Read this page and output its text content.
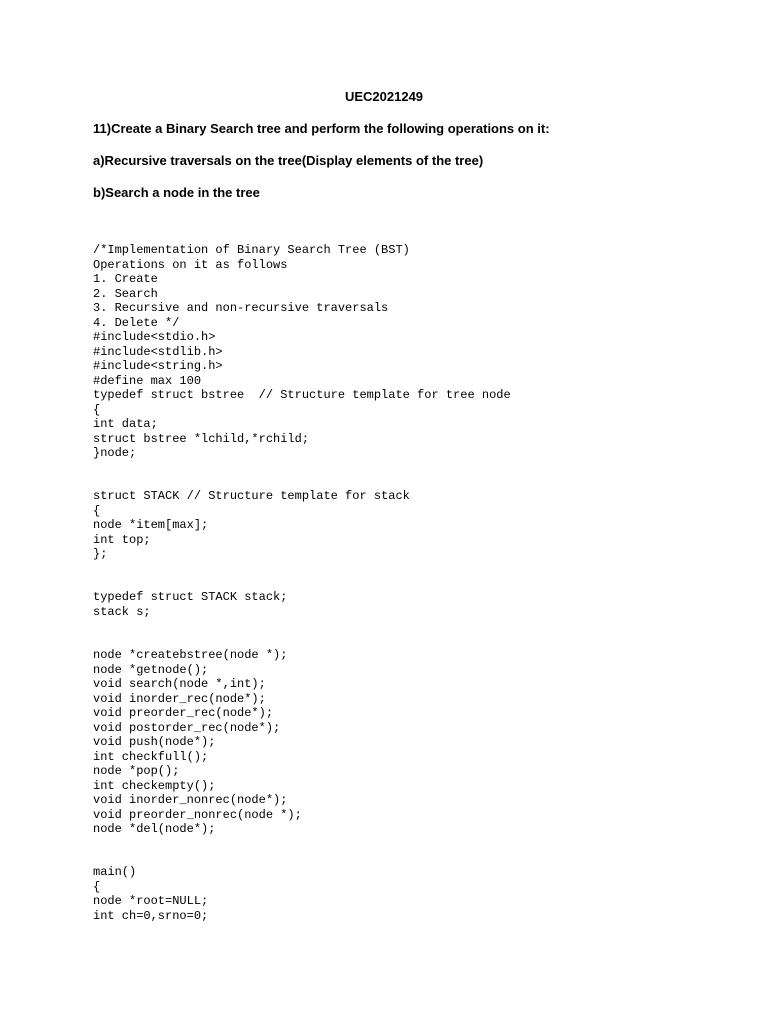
UEC2021249
11)Create a Binary Search tree and perform the following operations on it:
a)Recursive traversals on the tree(Display elements of the tree)
b)Search a node in the tree
/*Implementation of Binary Search Tree (BST)
Operations on it as follows
1. Create
2. Search
3. Recursive and non-recursive traversals
4. Delete */
#include<stdio.h>
#include<stdlib.h>
#include<string.h>
#define max 100
typedef struct bstree  // Structure template for tree node
{
int data;
struct bstree *lchild,*rchild;
}node;
struct STACK // Structure template for stack
{
node *item[max];
int top;
};
typedef struct STACK stack;
stack s;
node *createbstree(node *);
node *getnode();
void search(node *,int);
void inorder_rec(node*);
void preorder_rec(node*);
void postorder_rec(node*);
void push(node*);
int checkfull();
node *pop();
int checkempty();
void inorder_nonrec(node*);
void preorder_nonrec(node *);
node *del(node*);
main()
{
node *root=NULL;
int ch=0,srno=0;
